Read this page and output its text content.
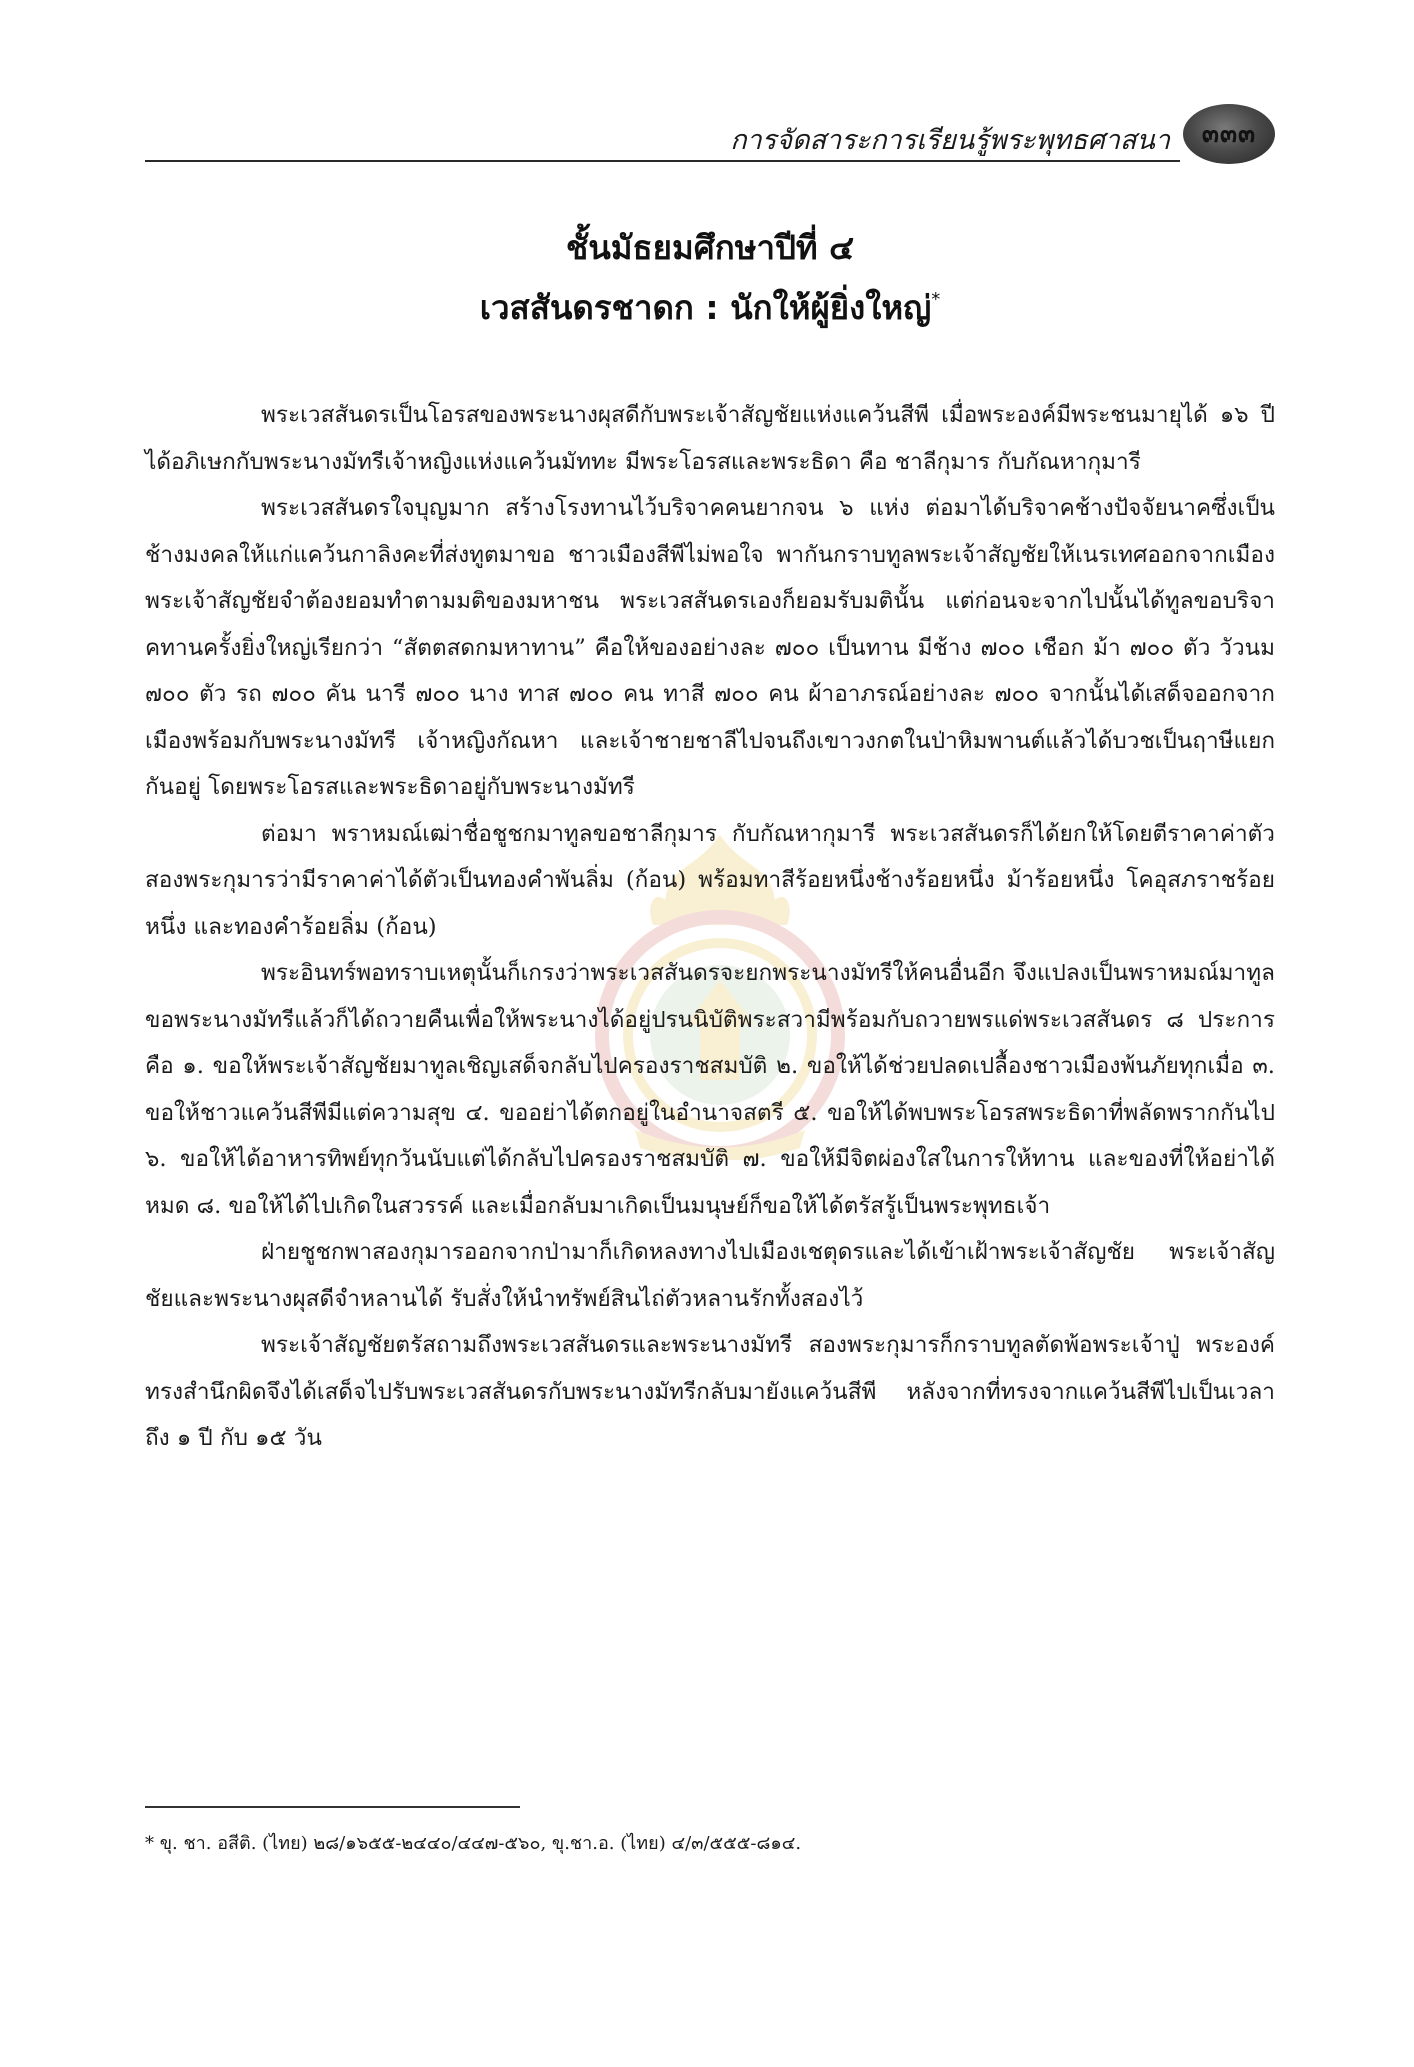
การจัดสาระการเรียนรู้พระพุทธศาสนา ๓๓๓

ชั้นมัธยมศึกษาปีที่ ๔

เวสสันดรชาดก : นักให้ผู้ยิ่งใหญ่*

พระเวสสันดรเป็นโอรสของพระนางผุสดีกับพระเจ้าสัญชัยแห่งแคว้นสีพี เมื่อพระองค์มีพระชนมายุได้ ๑๖ ปี ได้อภิเษกกับพระนางมัทรีเจ้าหญิงแห่งแคว้นมัททะ มีพระโอรสและพระธิดา คือ ชาลีกุมาร กับกัณหากุมารี

พระเวสสันดรใจบุญมาก สร้างโรงทานไว้บริจาคคนยากจน ๖ แห่ง ต่อมาได้บริจาคช้างปัจจัยนาคซึ่งเป็นช้างมงคลให้แก่แคว้นกาลิงคะที่ส่งทูตมาขอ ชาวเมืองสีพีไม่พอใจ พากันกราบทูลพระเจ้าสัญชัยให้เนรเทศออกจากเมือง พระเจ้าสัญชัยจำต้องยอมทำตามมติของมหาชน พระเวสสันดรเองก็ยอมรับมตินั้น แต่ก่อนจะจากไปนั้นได้ทูลขอบริจาคทานครั้งยิ่งใหญ่เรียกว่า “สัตตสดกมหาทาน” คือให้ของอย่างละ ๗๐๐ เป็นทาน มีช้าง ๗๐๐ เชือก ม้า ๗๐๐ ตัว วัวนม ๗๐๐ ตัว รถ ๗๐๐ คัน นารี ๗๐๐ นาง ทาส ๗๐๐ คน ทาสี ๗๐๐ คน ผ้าอาภรณ์อย่างละ ๗๐๐ จากนั้นได้เสด็จออกจากเมืองพร้อมกับพระนางมัทรี เจ้าหญิงกัณหา และเจ้าชายชาลีไปจนถึงเขาวงกตในป่าหิมพานต์แล้วได้บวชเป็นฤาษีแยกกันอยู่ โดยพระโอรสและพระธิดาอยู่กับพระนางมัทรี

ต่อมา พราหมณ์เฒ่าชื่อชูชกมาทูลขอชาลีกุมาร กับกัณหากุมารี พระเวสสันดรก็ได้ยกให้โดยตีราคาค่าตัวสองพระกุมารว่ามีราคาค่าได้ตัวเป็นทองคำพันลิ่ม (ก้อน) พร้อมทาสีร้อยหนึ่งช้างร้อยหนึ่ง ม้าร้อยหนึ่ง โคอุสภราชร้อยหนึ่ง และทองคำร้อยลิ่ม (ก้อน)

พระอินทร์พอทราบเหตุนั้นก็เกรงว่าพระเวสสันดรจะยกพระนางมัทรีให้คนอื่นอีก จึงแปลงเป็นพราหมณ์มาทูลขอพระนางมัทรีแล้วก็ได้ถวายคืนเพื่อให้พระนางได้อยู่ปรนนิบัติพระสวามีพร้อมกับถวายพรแด่พระเวสสันดร ๘ ประการ คือ ๑. ขอให้พระเจ้าสัญชัยมาทูลเชิญเสด็จกลับไปครองราชสมบัติ ๒. ขอให้ได้ช่วยปลดเปลื้องชาวเมืองพ้นภัยทุกเมื่อ ๓. ขอให้ชาวแคว้นสีพีมีแต่ความสุข ๔. ขออย่าได้ตกอยู่ในอำนาจสตรี ๕. ขอให้ได้พบพระโอรสพระธิดาที่พลัดพรากกันไป ๖. ขอให้ได้อาหารทิพย์ทุกวันนับแต่ได้กลับไปครองราชสมบัติ ๗. ขอให้มีจิตผ่องใสในการให้ทาน และของที่ให้อย่าได้หมด ๘. ขอให้ได้ไปเกิดในสวรรค์ และเมื่อกลับมาเกิดเป็นมนุษย์ก็ขอให้ได้ตรัสรู้เป็นพระพุทธเจ้า

ฝ่ายชูชกพาสองกุมารออกจากป่ามาก็เกิดหลงทางไปเมืองเชตุดรและได้เข้าเฝ้าพระเจ้าสัญชัย พระเจ้าสัญชัยและพระนางผุสดีจำหลานได้ รับสั่งให้นำทรัพย์สินไถ่ตัวหลานรักทั้งสองไว้

พระเจ้าสัญชัยตรัสถามถึงพระเวสสันดรและพระนางมัทรี สองพระกุมารก็กราบทูลตัดพ้อพระเจ้าปู่ พระองค์ทรงสำนึกผิดจึงได้เสด็จไปรับพระเวสสันดรกับพระนางมัทรีกลับมายังแคว้นสีพี หลังจากที่ทรงจากแคว้นสีพีไปเป็นเวลาถึง ๑ ปี กับ ๑๕ วัน

* ขุ. ชา. อสีติ. (ไทย) ๒๘/๑๖๕๕-๒๔๔๐/๔๔๗-๕๖๐, ขุ.ชา.อ. (ไทย) ๔/๓/๕๕๕-๘๑๔.
